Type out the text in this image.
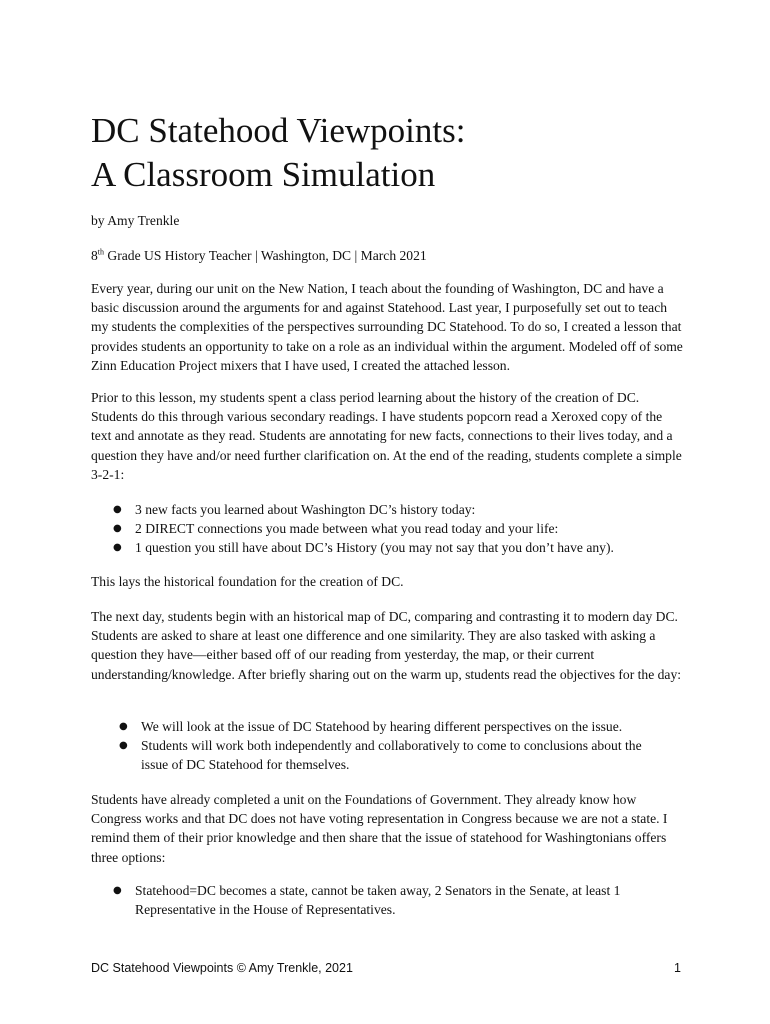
DC Statehood Viewpoints:
A Classroom Simulation

by Amy Trenkle

8th Grade US History Teacher | Washington, DC | March 2021

Every year, during our unit on the New Nation, I teach about the founding of Washington, DC and have a basic discussion around the arguments for and against Statehood. Last year, I purposefully set out to teach my students the complexities of the perspectives surrounding DC Statehood. To do so, I created a lesson that provides students an opportunity to take on a role as an individual within the argument. Modeled off of some Zinn Education Project mixers that I have used, I created the attached lesson.

Prior to this lesson, my students spent a class period learning about the history of the creation of DC. Students do this through various secondary readings. I have students popcorn read a Xeroxed copy of the text and annotate as they read. Students are annotating for new facts, connections to their lives today, and a question they have and/or need further clarification on. At the end of the reading, students complete a simple 3-2-1:

● 3 new facts you learned about Washington DC’s history today:
● 2 DIRECT connections you made between what you read today and your life:
● 1 question you still have about DC’s History (you may not say that you don’t have any).

This lays the historical foundation for the creation of DC.

The next day, students begin with an historical map of DC, comparing and contrasting it to modern day DC. Students are asked to share at least one difference and one similarity. They are also tasked with asking a question they have—either based off of our reading from yesterday, the map, or their current understanding/knowledge. After briefly sharing out on the warm up, students read the objectives for the day:

● We will look at the issue of DC Statehood by hearing different perspectives on the issue.
● Students will work both independently and collaboratively to come to conclusions about the issue of DC Statehood for themselves.

Students have already completed a unit on the Foundations of Government. They already know how Congress works and that DC does not have voting representation in Congress because we are not a state. I remind them of their prior knowledge and then share that the issue of statehood for Washingtonians offers three options:

● Statehood=DC becomes a state, cannot be taken away, 2 Senators in the Senate, at least 1 Representative in the House of Representatives.
DC Statehood Viewpoints © Amy Trenkle, 2021	1
